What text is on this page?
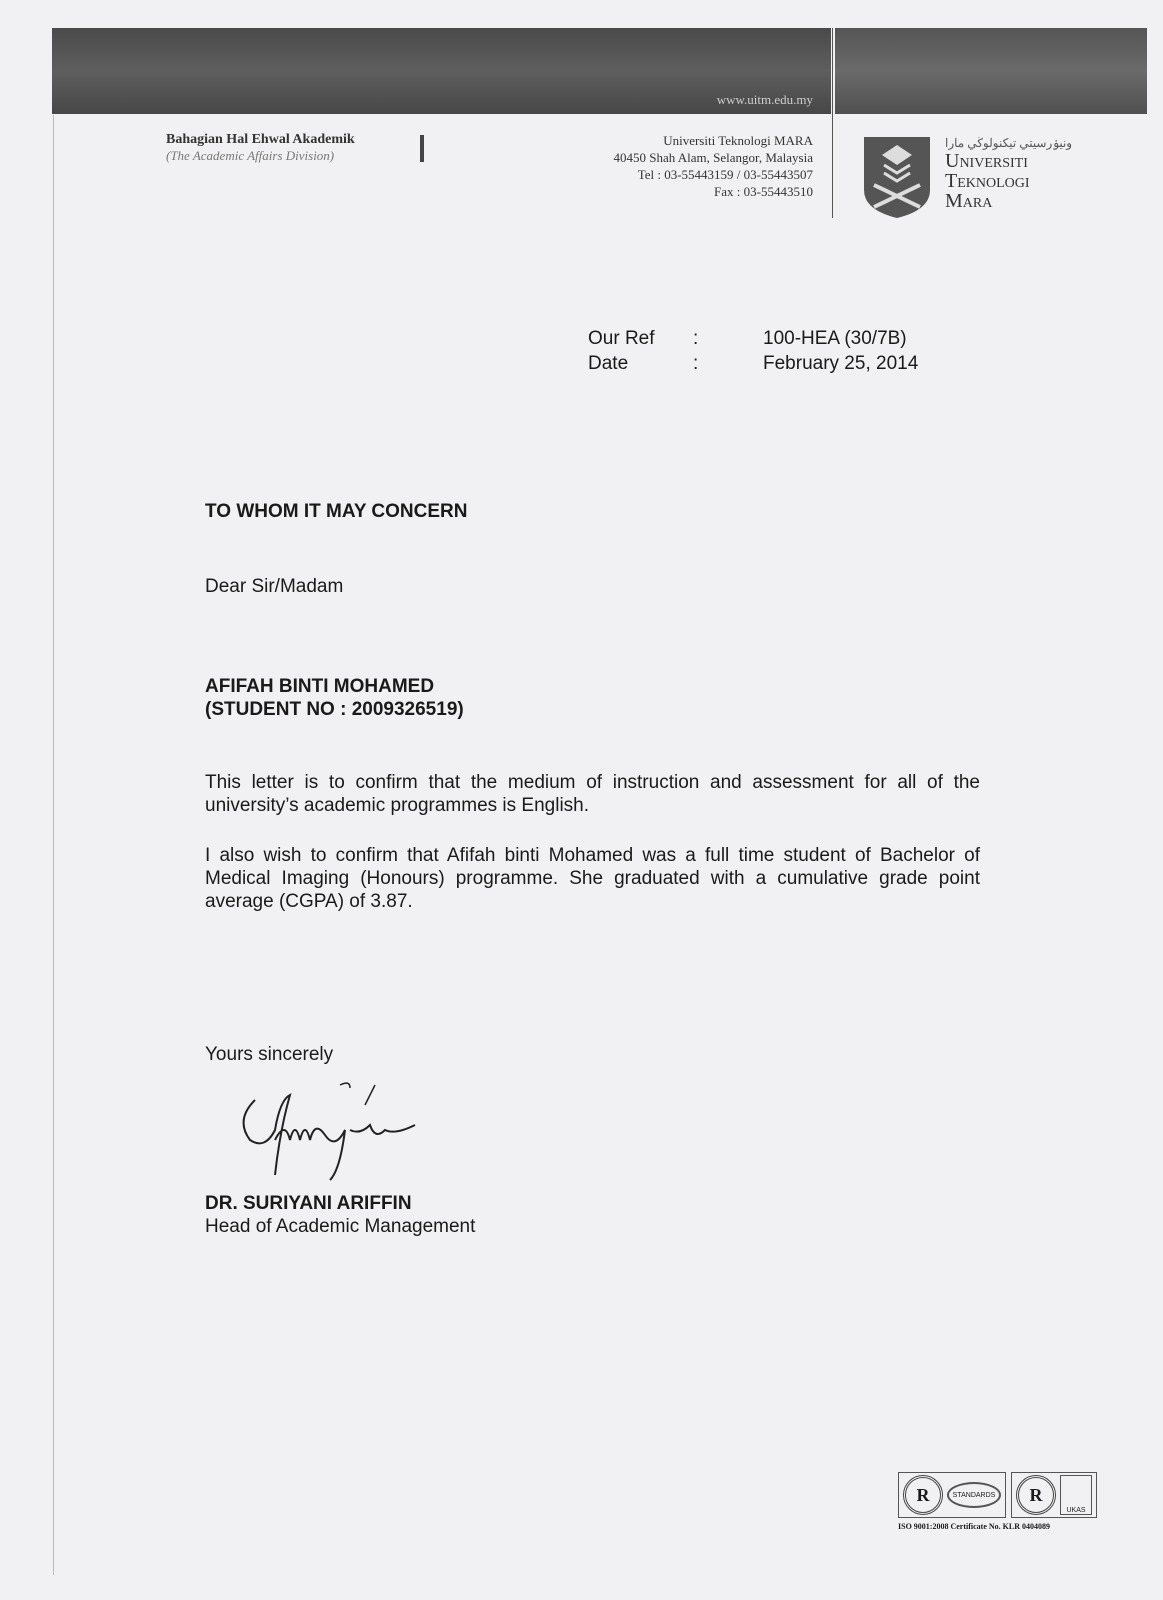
www.uitm.edu.my
Bahagian Hal Ehwal Akademik
(The Academic Affairs Division)
Universiti Teknologi MARA
40450 Shah Alam, Selangor, Malaysia
Tel : 03-55443159 / 03-55443507
Fax : 03-55443510
ونيۏرسيتي تيكنولوڬي مارا
Universiti
Teknologi
Mara
Our Ref	:	100-HEA (30/7B)
Date	:	February 25, 2014
TO WHOM IT MAY CONCERN
Dear Sir/Madam
AFIFAH BINTI MOHAMED
(STUDENT NO : 2009326519)
This letter is to confirm that the medium of instruction and assessment for all of the university’s academic programmes is English.
I also wish to confirm that Afifah binti Mohamed was a full time student of Bachelor of Medical Imaging (Honours) programme. She graduated with a cumulative grade point average (CGPA) of 3.87.
Yours sincerely
DR. SURIYANI ARIFFIN
Head of Academic Management
R	STANDARDS	R
UKAS
ISO 9001:2008 Certificate No. KLR 0404089
